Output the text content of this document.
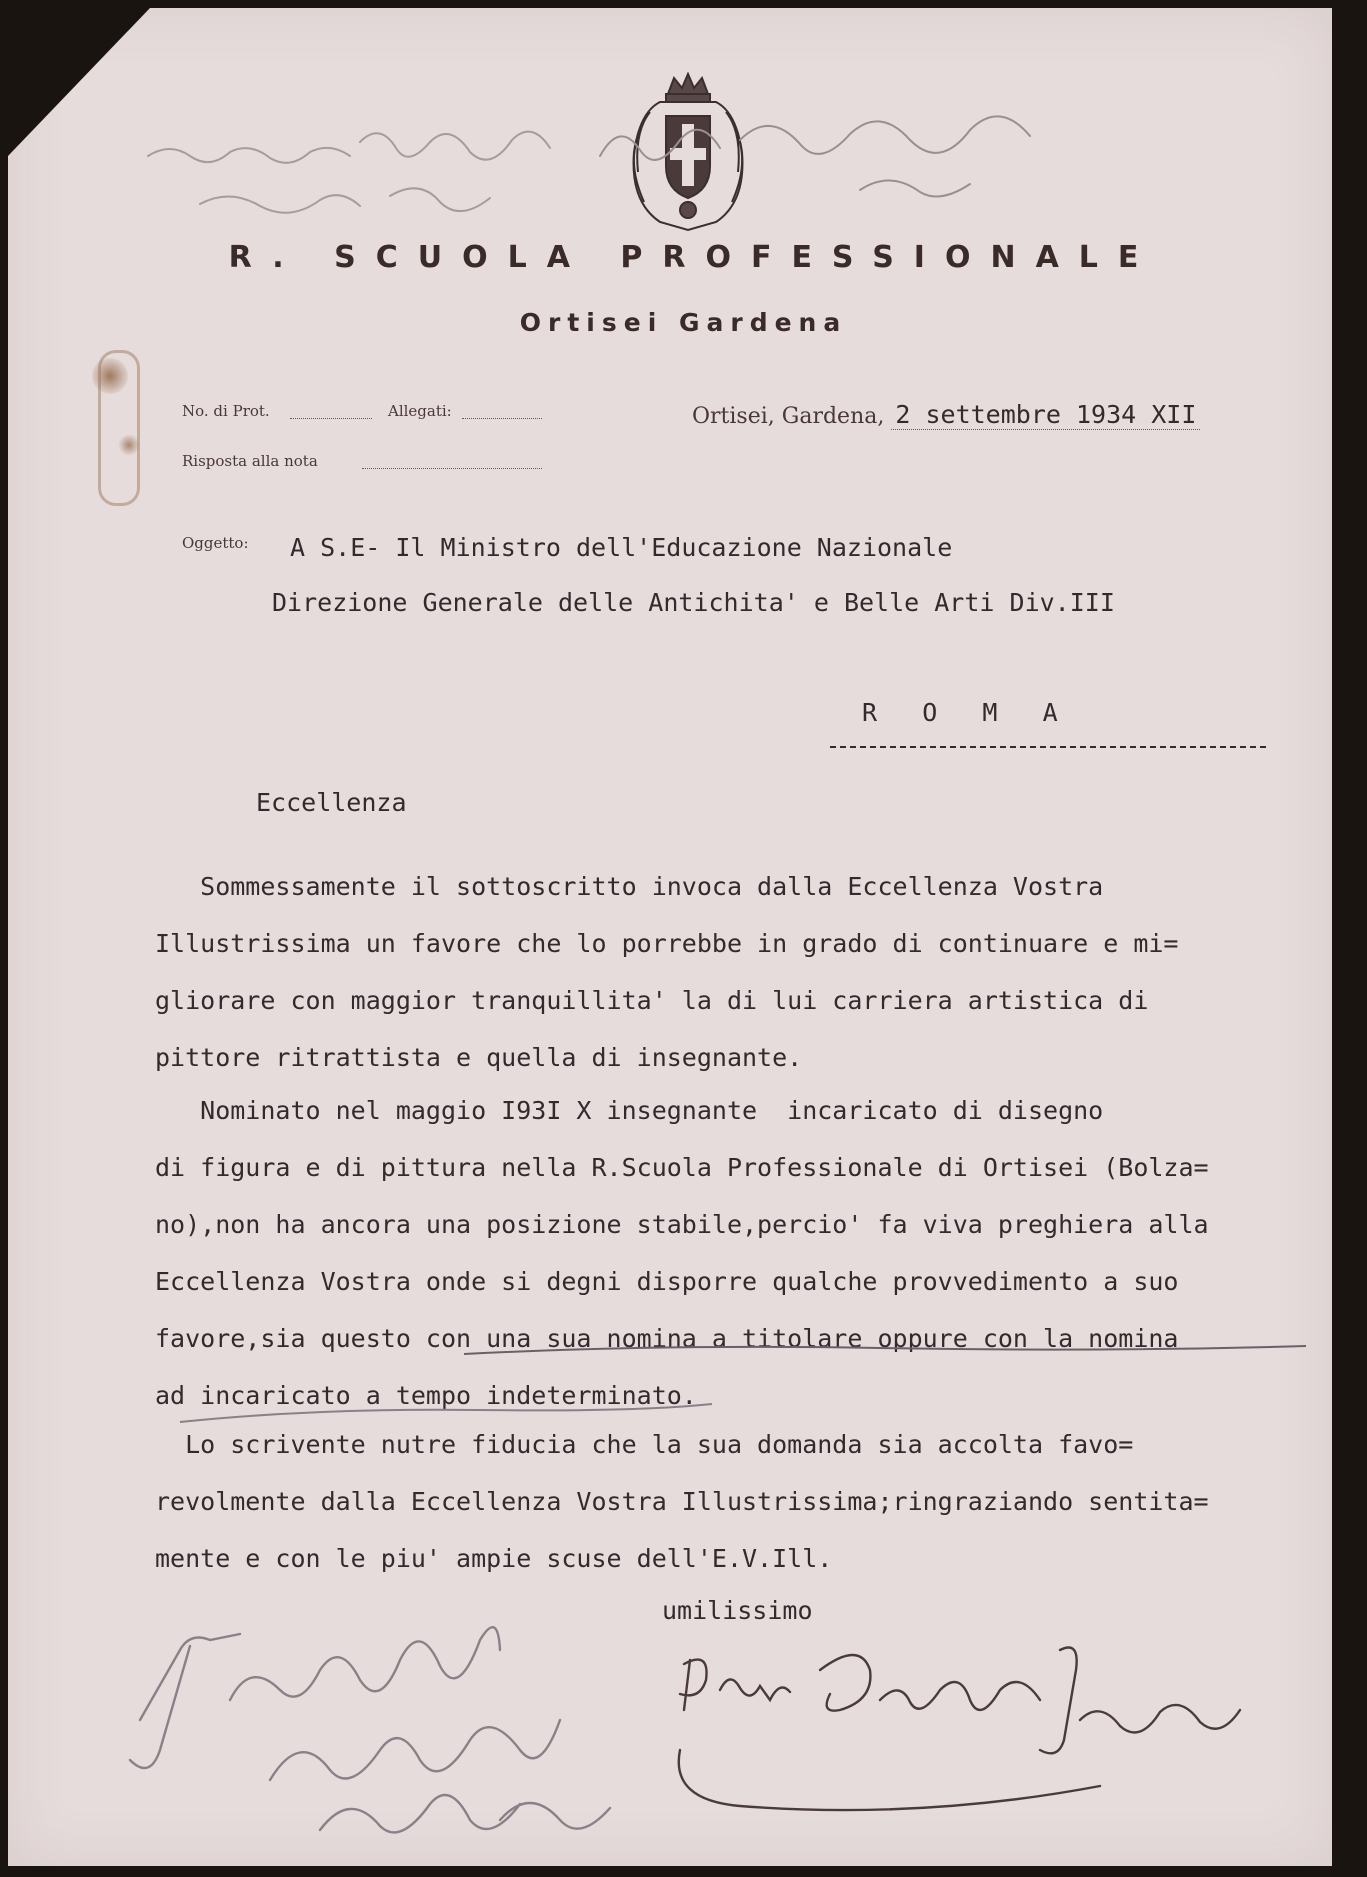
R. SCUOLA PROFESSIONALE
Ortisei Gardena
No. di Prot.	Allegati:
Risposta alla nota
Ortisei, Gardena, 2 settembre 1934 XII
Oggetto: A S.E- Il Ministro dell'Educazione Nazionale
Direzione Generale delle Antichita' e Belle Arti Div.III
R   O   M   A
Eccellenza
Sommessamente il sottoscritto invoca dalla Eccellenza Vostra
Illustrissima un favore che lo porrebbe in grado di continuare e mi=
gliorare con maggior tranquillita' la di lui carriera artistica di
pittore ritrattista e quella di insegnante.
Nominato nel maggio I93I X insegnante  incaricato di disegno
di figura e di pittura nella R.Scuola Professionale di Ortisei (Bolza=
no),non ha ancora una posizione stabile,percio' fa viva preghiera alla
Eccellenza Vostra onde si degni disporre qualche provvedimento a suo
favore,sia questo con una sua nomina a titolare oppure con la nomina
ad incaricato a tempo indeterminato.
Lo scrivente nutre fiducia che la sua domanda sia accolta favo=
revolmente dalla Eccellenza Vostra Illustrissima;ringraziando sentita=
mente e con le piu' ampie scuse dell'E.V.Ill.
umilissimo
